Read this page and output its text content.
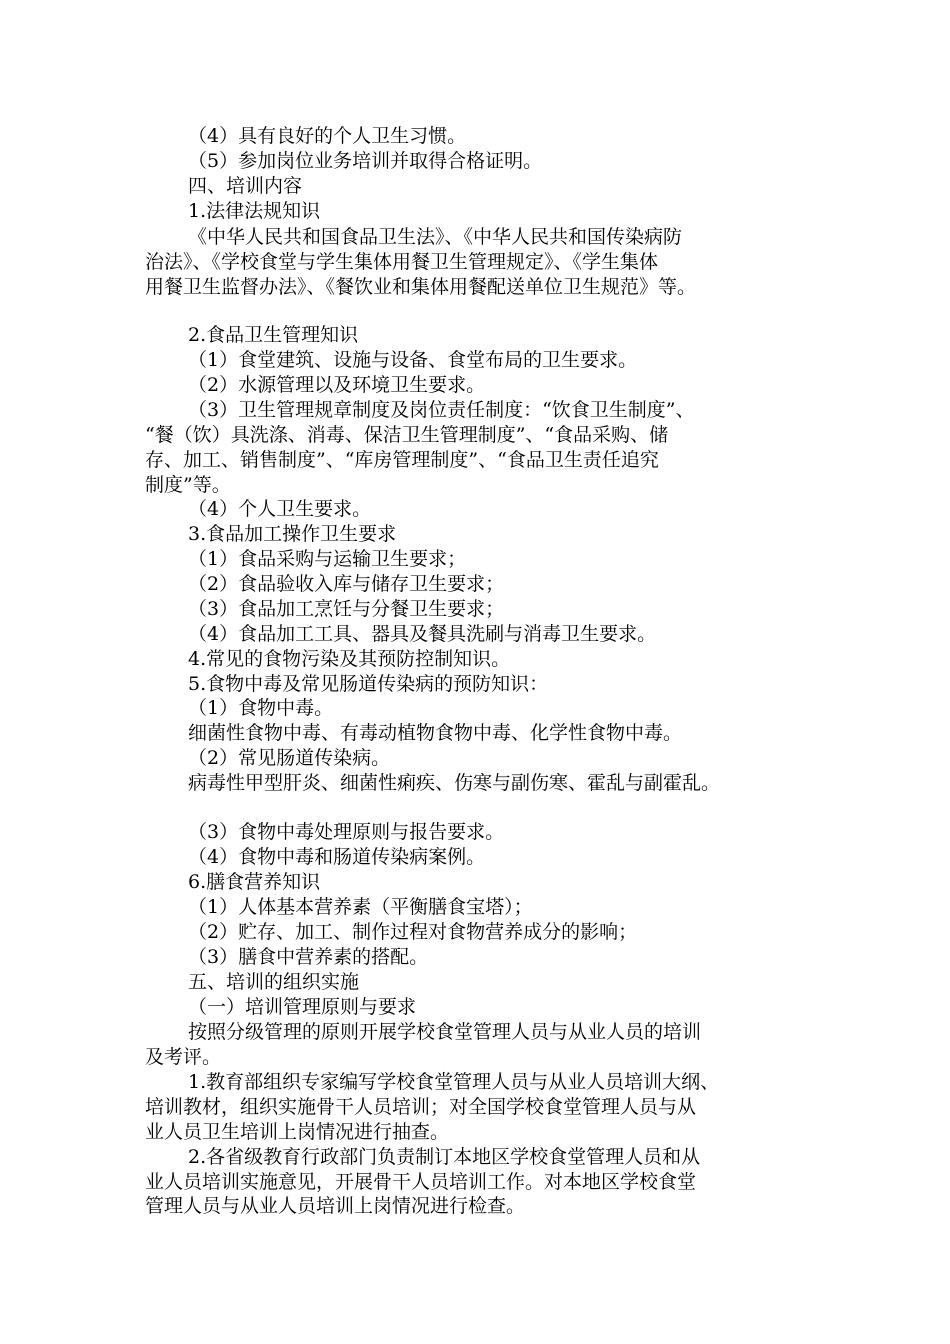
（4）具有良好的个人卫生习惯。

（5）参加岗位业务培训并取得合格证明。

四、培训内容

1.法律法规知识

《中华人民共和国食品卫生法》、《中华人民共和国传染病防

治法》、《学校食堂与学生集体用餐卫生管理规定》、《学生集体

用餐卫生监督办法》、《餐饮业和集体用餐配送单位卫生规范》等。

2.食品卫生管理知识

（1）食堂建筑、设施与设备、食堂布局的卫生要求。

（2）水源管理以及环境卫生要求。

（3）卫生管理规章制度及岗位责任制度：“饮食卫生制度”、

“餐（饮）具洗涤、消毒、保洁卫生管理制度”、“食品采购、储

存、加工、销售制度”、“库房管理制度”、“食品卫生责任追究

制度”等。

（4）个人卫生要求。

3.食品加工操作卫生要求

（1）食品采购与运输卫生要求；

（2）食品验收入库与储存卫生要求；

（3）食品加工烹饪与分餐卫生要求；

（4）食品加工工具、器具及餐具洗刷与消毒卫生要求。

4.常见的食物污染及其预防控制知识。

5.食物中毒及常见肠道传染病的预防知识：

（1）食物中毒。

细菌性食物中毒、有毒动植物食物中毒、化学性食物中毒。

（2）常见肠道传染病。

病毒性甲型肝炎、细菌性痢疾、伤寒与副伤寒、霍乱与副霍乱。

（3）食物中毒处理原则与报告要求。

（4）食物中毒和肠道传染病案例。

6.膳食营养知识

（1）人体基本营养素（平衡膳食宝塔）；

（2）贮存、加工、制作过程对食物营养成分的影响；

（3）膳食中营养素的搭配。

五、培训的组织实施

（一）培训管理原则与要求

按照分级管理的原则开展学校食堂管理人员与从业人员的培训

及考评。

1.教育部组织专家编写学校食堂管理人员与从业人员培训大纲、

培训教材，组织实施骨干人员培训；对全国学校食堂管理人员与从

业人员卫生培训上岗情况进行抽查。

2.各省级教育行政部门负责制订本地区学校食堂管理人员和从

业人员培训实施意见，开展骨干人员培训工作。对本地区学校食堂

管理人员与从业人员培训上岗情况进行检查。
